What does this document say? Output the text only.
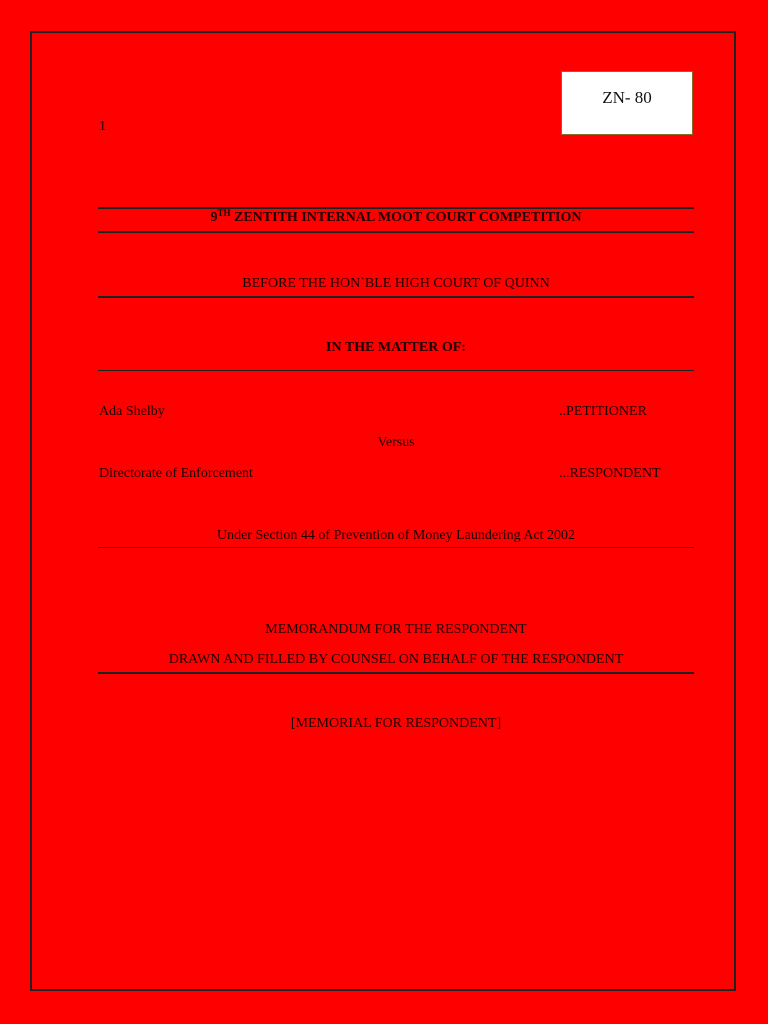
ZN- 80
1
9TH ZENTITH INTERNAL MOOT COURT COMPETITION
BEFORE THE HON`BLE HIGH COURT OF QUINN
IN THE MATTER OF:
Ada Shelby	..PETITIONER
Versus
Directorate of Enforcement	...RESPONDENT
Under Section 44 of Prevention of Money Laundering Act 2002
MEMORANDUM FOR THE RESPONDENT
DRAWN AND FILLED BY COUNSEL ON BEHALF OF THE RESPONDENT
[MEMORIAL FOR RESPONDENT]
